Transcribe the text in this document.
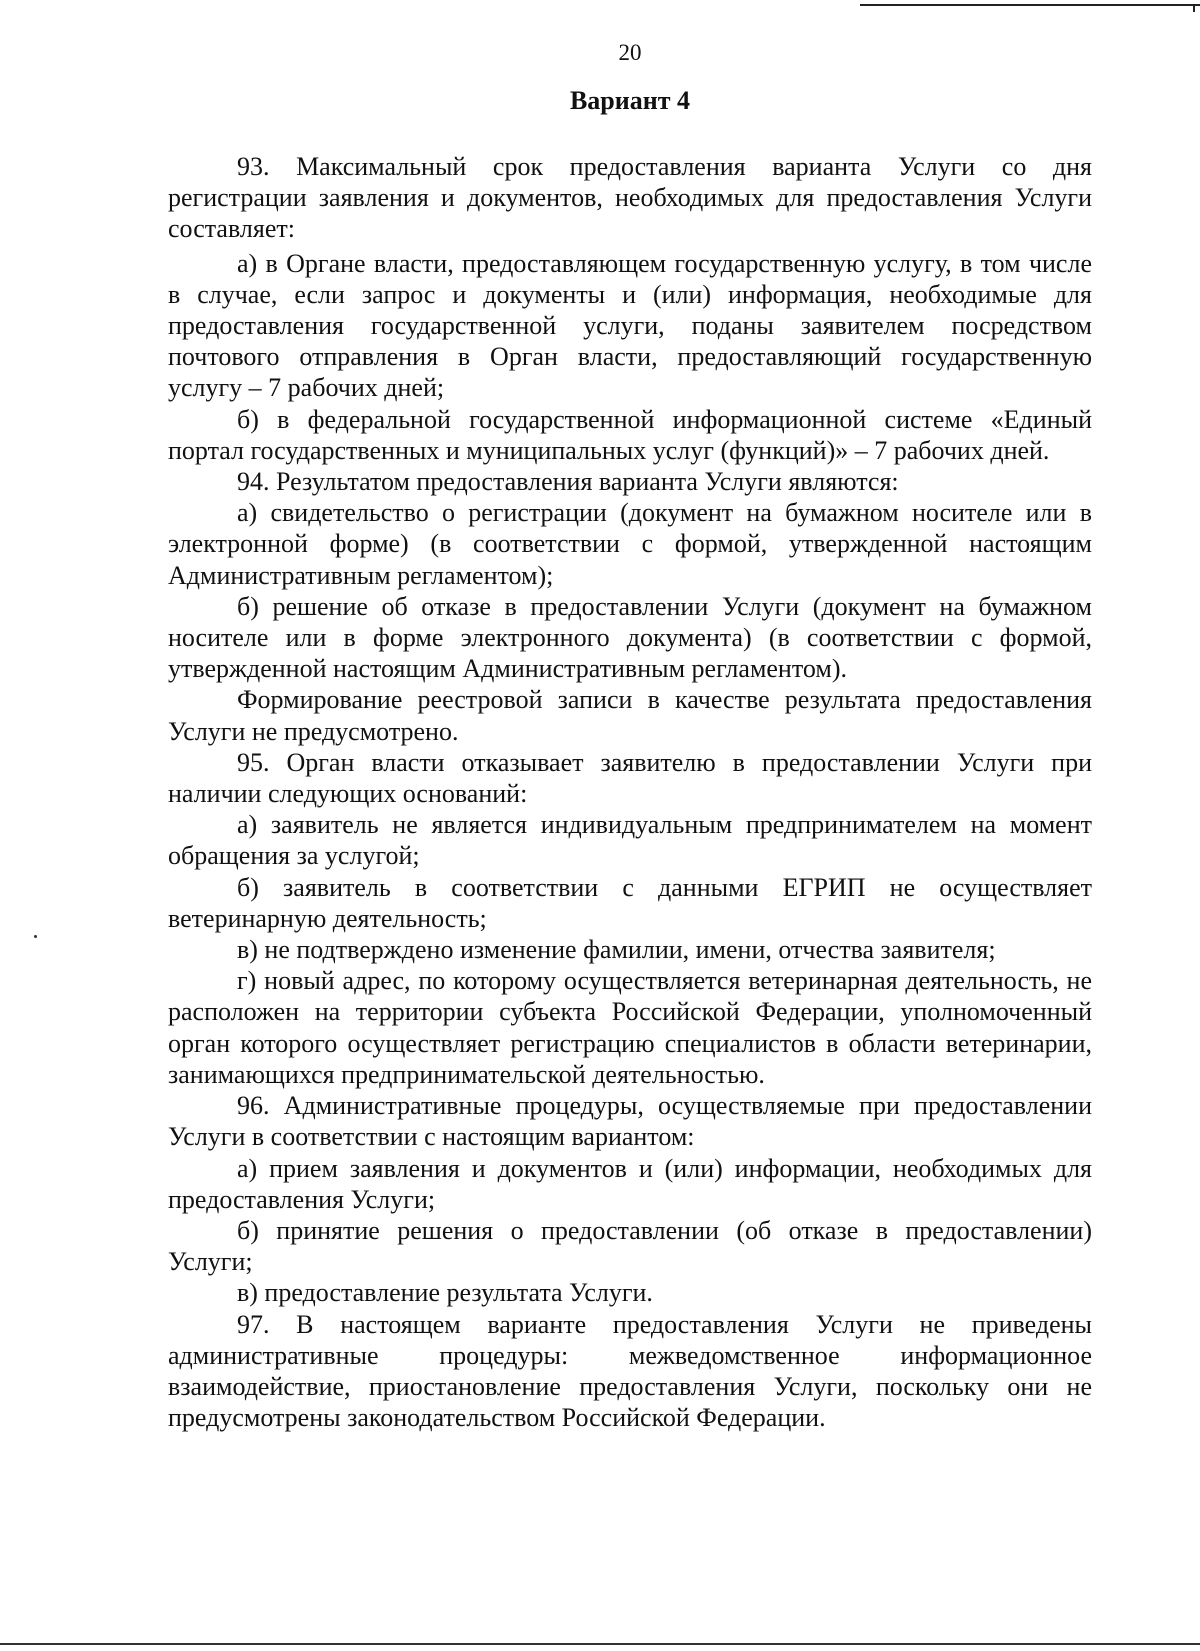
20
Вариант 4

93. Максимальный срок предоставления варианта Услуги со дня регистрации заявления и документов, необходимых для предоставления Услуги составляет:

а) в Органе власти, предоставляющем государственную услугу, в том числе в случае, если запрос и документы и (или) информация, необходимые для предоставления государственной услуги, поданы заявителем посредством почтового отправления в Орган власти, предоставляющий государственную услугу – 7 рабочих дней;

б) в федеральной государственной информационной системе «Единый портал государственных и муниципальных услуг (функций)» – 7 рабочих дней.

94. Результатом предоставления варианта Услуги являются:

а) свидетельство о регистрации (документ на бумажном носителе или в электронной форме) (в соответствии с формой, утвержденной настоящим Административным регламентом);

б) решение об отказе в предоставлении Услуги (документ на бумажном носителе или в форме электронного документа) (в соответствии с формой, утвержденной настоящим Административным регламентом).

Формирование реестровой записи в качестве результата предоставления Услуги не предусмотрено.

95. Орган власти отказывает заявителю в предоставлении Услуги при наличии следующих оснований:

а) заявитель не является индивидуальным предпринимателем на момент обращения за услугой;

б) заявитель в соответствии с данными ЕГРИП не осуществляет ветеринарную деятельность;

в) не подтверждено изменение фамилии, имени, отчества заявителя;

г) новый адрес, по которому осуществляется ветеринарная деятельность, не расположен на территории субъекта Российской Федерации, уполномоченный орган которого осуществляет регистрацию специалистов в области ветеринарии, занимающихся предпринимательской деятельностью.

96. Административные процедуры, осуществляемые при предоставлении Услуги в соответствии с настоящим вариантом:

а) прием заявления и документов и (или) информации, необходимых для предоставления Услуги;

б) принятие решения о предоставлении (об отказе в предоставлении) Услуги;

в) предоставление результата Услуги.

97. В настоящем варианте предоставления Услуги не приведены административные процедуры: межведомственное информационное взаимодействие, приостановление предоставления Услуги, поскольку они не предусмотрены законодательством Российской Федерации.
